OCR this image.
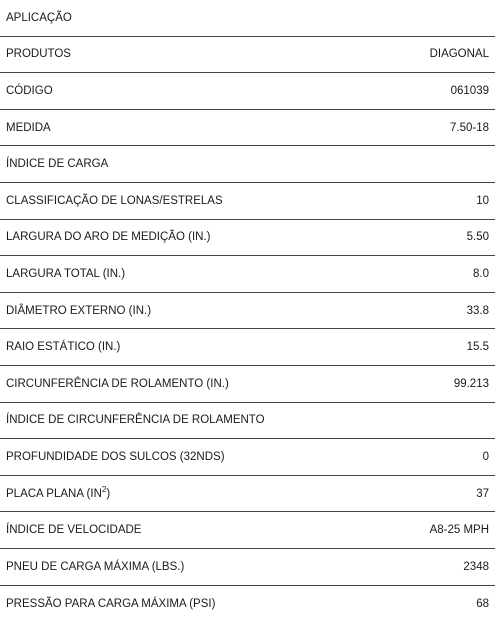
APLICAÇÃO
PRODUTOS	DIAGONAL
CÓDIGO	061039
MEDIDA	7.50-18
ÍNDICE DE CARGA
CLASSIFICAÇÃO DE LONAS/ESTRELAS	10
LARGURA DO ARO DE MEDIÇÃO (IN.)	5.50
LARGURA TOTAL (IN.)	8.0
DIÂMETRO EXTERNO (IN.)	33.8
RAIO ESTÁTICO (IN.)	15.5
CIRCUNFERÊNCIA DE ROLAMENTO (IN.)	99.213
ÍNDICE DE CIRCUNFERÊNCIA DE ROLAMENTO
PROFUNDIDADE DOS SULCOS (32NDS)	0
PLACA PLANA $(IN^2)$	37
ÍNDICE DE VELOCIDADE	A8-25 MPH
PNEU DE CARGA MÁXIMA (LBS.)	2348
PRESSÃO PARA CARGA MÁXIMA (PSI)	68
